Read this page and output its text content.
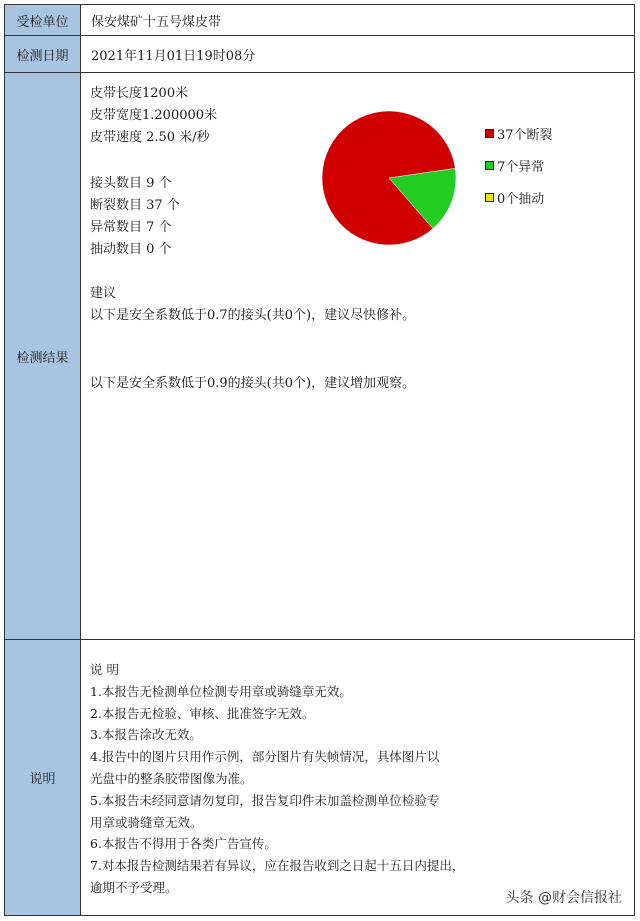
受检单位	保安煤矿十五号煤皮带
检测日期	2021年11月01日19时08分
检测结果
皮带长度1200米
皮带宽度1.200000米
皮带速度 2.50 米/秒
接头数目 9 个
断裂数目 37 个
异常数目 7 个
抽动数目 0 个
建议
以下是安全系数低于0.7的接头(共0个)，建议尽快修补。
以下是安全系数低于0.9的接头(共0个)，建议增加观察。
37个断裂
7个异常
0个抽动
说明
说 明
1.本报告无检测单位检测专用章或骑缝章无效。
2.本报告无检验、审核、批准签字无效。
3.本报告涂改无效。
4.报告中的图片只用作示例，部分图片有失帧情况，具体图片以
光盘中的整条胶带图像为准。
5.本报告未经同意请勿复印，报告复印件未加盖检测单位检验专
用章或骑缝章无效。
6.本报告不得用于各类广告宣传。
7.对本报告检测结果若有异议，应在报告收到之日起十五日内提出，
逾期不予受理。
头条 @财会信报社
